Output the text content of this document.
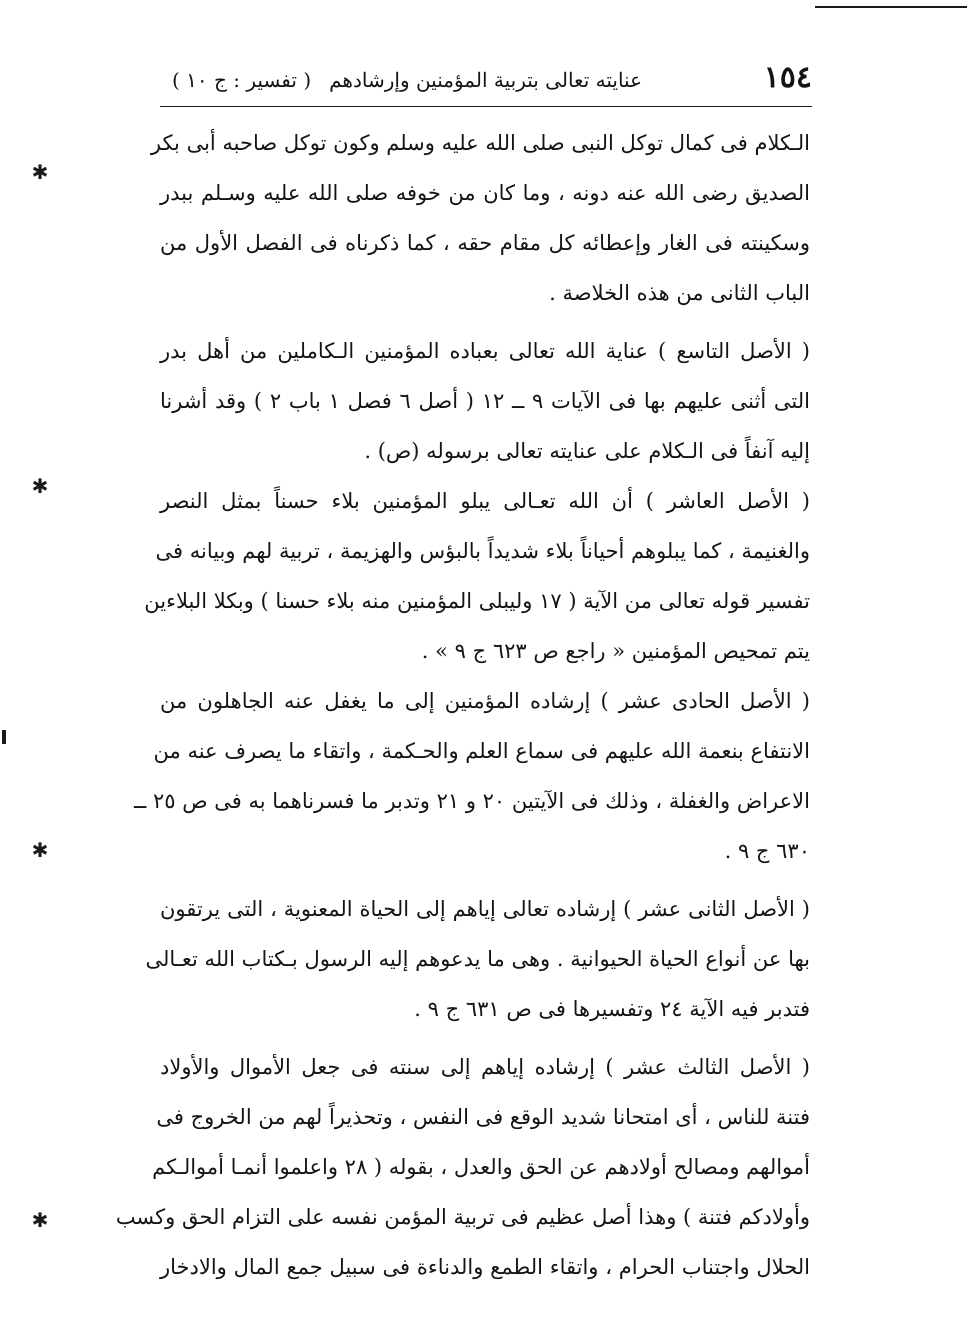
١٥٤
عنايته تعالى بتربية المؤمنين وإرشادهم
( تفسير : ج ١٠ )
الـكلام فى كمال توكل النبى صلى الله عليه وسلم وكون توكل صاحبه أبى بكر
الصديق رضى الله عنه دونه ، وما كان من خوفه صلى الله عليه وسـلم ببدر
وسكينته فى الغار وإعطائه كل مقام حقه ، كما ذكرناه فى الفصل الأول من
الباب الثانى من هذه الخلاصة .
( الأصل التاسع ) عناية الله تعالى بعباده المؤمنين الـكاملين من أهل بدر
التى أثنى عليهم بها فى الآيات ٩ ــ ١٢ ( أصل ٦ فصل ١ باب ٢ ) وقد أشرنا
إليه آنفاً فى الـكلام على عنايته تعالى برسوله (ص) .
( الأصل العاشر ) أن الله تعـالى يبلو المؤمنين بلاء حسناً بمثل النصر
والغنيمة ، كما يبلوهم أحياناً بلاء شديداً بالبؤس والهزيمة ، تربية لهم وبيانه فى
تفسير قوله تعالى من الآية ( ١٧ وليبلى المؤمنين منه بلاء حسنا ) وبكلا البلاءين
يتم تمحيص المؤمنين « راجع ص ٦٢٣ ج ٩ » .
( الأصل الحادى عشر ) إرشاده المؤمنين إلى ما يغفل عنه الجاهلون من
الانتفاع بنعمة الله عليهم فى سماع العلم والحـكمة ، واتقاء ما يصرف عنه من
الاعراض والغفلة ، وذلك فى الآيتين ٢٠ و ٢١ وتدبر ما فسرناهما به فى ص ٢٥ ــ
٦٣٠ ج ٩ .
( الأصل الثانى عشر ) إرشاده تعالى إياهم إلى الحياة المعنوية ، التى يرتقون
بها عن أنواع الحياة الحيوانية . وهى ما يدعوهم إليه الرسول بـكتاب الله تعـالى
فتدبر فيه الآية ٢٤ وتفسيرها فى ص ٦٣١ ج ٩ .
( الأصل الثالث عشر ) إرشاده إياهم إلى سنته فى جعل الأموال والأولاد
فتنة للناس ، أى امتحانا شديد الوقع فى النفس ، وتحذيراً لهم من الخروج فى
أموالهم ومصالح أولادهم عن الحق والعدل ، بقوله ( ٢٨ واعلموا أنمـا أموالـكم
وأولادكم فتنة ) وهذا أصل عظيم فى تربية المؤمن نفسه على التزام الحق وكسب
الحلال واجتناب الحرام ، واتقاء الطمع والدناءة فى سبيل جمع المال والادخار
✱
✱
✱
✱
